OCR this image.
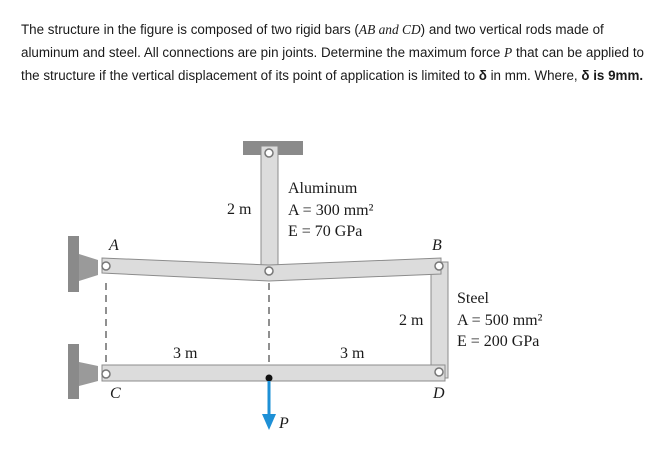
The structure in the figure is composed of two rigid bars (AB and CD) and two vertical rods made of aluminum and steel. All connections are pin joints. Determine the maximum force P that can be applied to the structure if the vertical displacement of its point of application is limited to δ in mm. Where, δ is 9mm.
A
C
B
D
P
2 m
Aluminum
A = 300 mm²
E = 70 GPa
2 m
Steel
A = 500 mm²
E = 200 GPa
3 m	3 m
